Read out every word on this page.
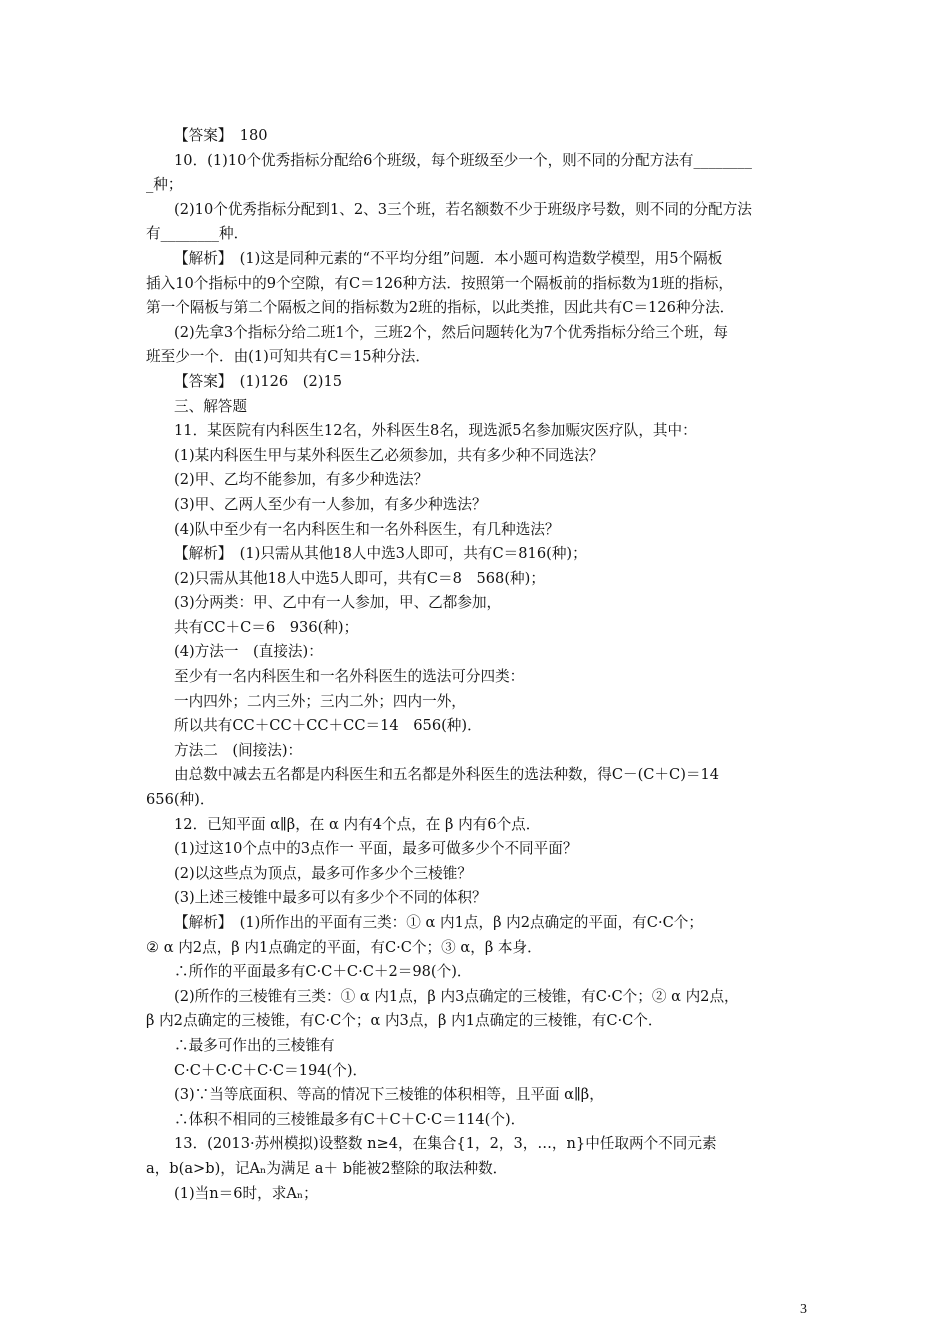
【答案】　180
10．(1)10个优秀指标分配给6个班级，每个班级至少一个，则不同的分配方法有________
_种；
(2)10个优秀指标分配到1、2、3三个班，若名额数不少于班级序号数，则不同的分配方法
有________种．
【解析】　(1)这是同种元素的“不平均分组”问题．本小题可构造数学模型，用5个隔板
插入10个指标中的9个空隙，有C＝126种方法．按照第一个隔板前的指标数为1班的指标，
第一个隔板与第二个隔板之间的指标数为2班的指标，以此类推，因此共有C＝126种分法．
(2)先拿3个指标分给二班1个，三班2个，然后问题转化为7个优秀指标分给三个班，每
班至少一个．由(1)可知共有C＝15种分法．
【答案】　(1)126　(2)15
三、解答题
11．某医院有内科医生12名，外科医生8名，现选派5名参加赈灾医疗队，其中：
(1)某内科医生甲与某外科医生乙必须参加，共有多少种不同选法？
(2)甲、乙均不能参加，有多少种选法？
(3)甲、乙两人至少有一人参加，有多少种选法？
(4)队中至少有一名内科医生和一名外科医生，有几种选法？
【解析】　(1)只需从其他18人中选3人即可，共有C＝816(种)；
(2)只需从其他18人中选5人即可，共有C＝8　568(种)；
(3)分两类：甲、乙中有一人参加，甲、乙都参加，
共有CC＋C＝6　936(种)；
(4)方法一　(直接法)：
至少有一名内科医生和一名外科医生的选法可分四类：
一内四外；二内三外；三内二外；四内一外，
所以共有CC＋CC＋CC＋CC＝14　656(种)．
方法二　(间接法)：
由总数中减去五名都是内科医生和五名都是外科医生的选法种数，得C－(C＋C)＝14
656(种)．
12．已知平面 α∥β，在 α 内有4个点，在 β 内有6个点．
(1)过这10个点中的3点作一 平面，最多可做多少个不同平面？
(2)以这些点为顶点，最多可作多少个三棱锥？
(3)上述三棱锥中最多可以有多少个不同的体积？
【解析】　(1)所作出的平面有三类：① α 内1点，β 内2点确定的平面，有C·C个；
② α 内2点，β 内1点确定的平面，有C·C个；③ α，β 本身．
∴所作的平面最多有C·C＋C·C＋2＝98(个)．
(2)所作的三棱锥有三类：① α 内1点，β 内3点确定的三棱锥，有C·C个；② α 内2点，
β 内2点确定的三棱锥，有C·C个；α 内3点，β 内1点确定的三棱锥，有C·C个．
∴最多可作出的三棱锥有
C·C＋C·C＋C·C＝194(个)．
(3)∵当等底面积、等高的情况下三棱锥的体积相等，且平面 α∥β，
∴体积不相同的三棱锥最多有C＋C＋C·C＝114(个)．
13．(2013·苏州模拟)设整数 n≥4，在集合{1，2，3，…，n}中任取两个不同元素
a，b(a>b)，记Aₙ为满足 a＋ b能被2整除的取法种数．
(1)当n＝6时，求Aₙ；
3
